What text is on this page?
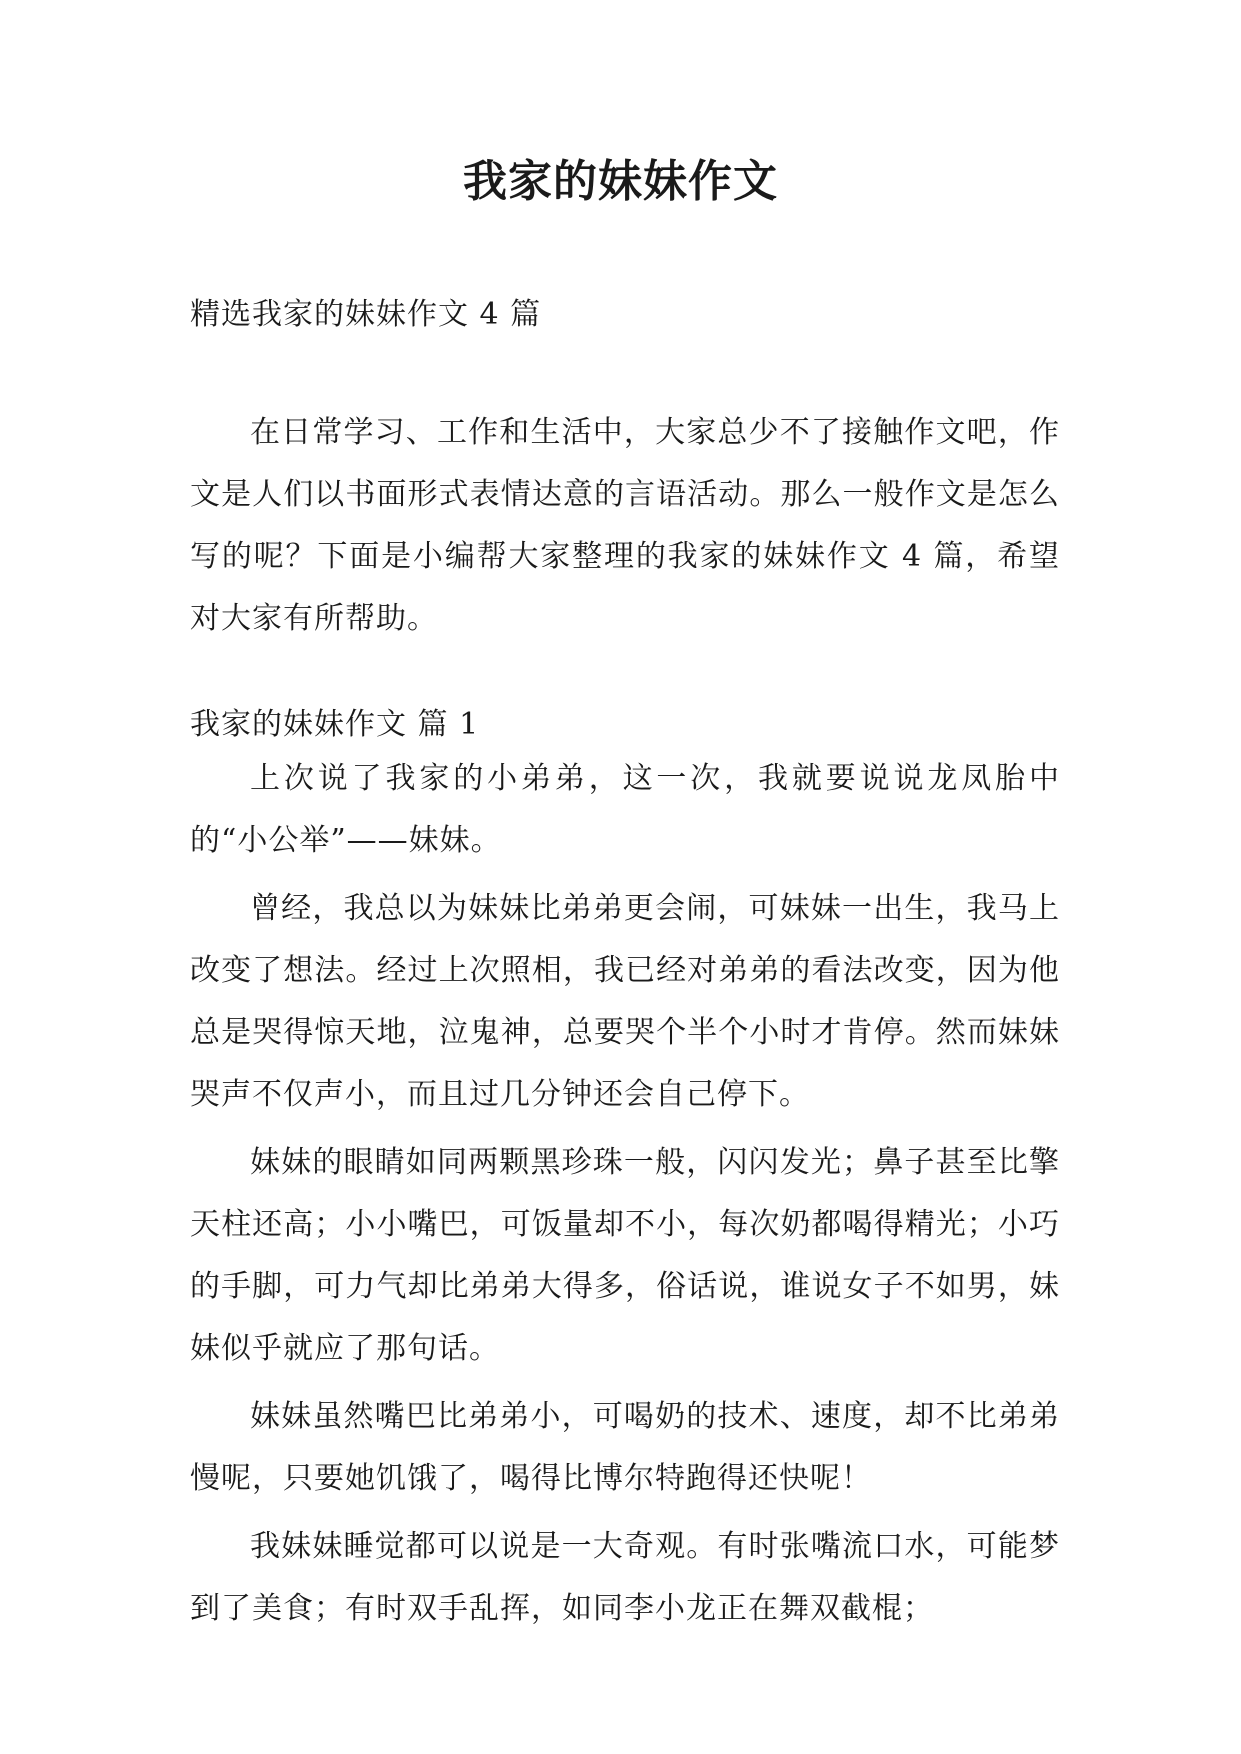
我家的妹妹作文

精选我家的妹妹作文 4 篇

在日常学习、工作和生活中，大家总少不了接触作文吧，作文是人们以书面形式表情达意的言语活动。那么一般作文是怎么写的呢？下面是小编帮大家整理的我家的妹妹作文 4 篇，希望对大家有所帮助。

我家的妹妹作文 篇 1

上次说了我家的小弟弟，这一次，我就要说说龙凤胎中的“小公举”——妹妹。

曾经，我总以为妹妹比弟弟更会闹，可妹妹一出生，我马上改变了想法。经过上次照相，我已经对弟弟的看法改变，因为他总是哭得惊天地，泣鬼神，总要哭个半个小时才肯停。然而妹妹哭声不仅声小，而且过几分钟还会自己停下。

妹妹的眼睛如同两颗黑珍珠一般，闪闪发光；鼻子甚至比擎天柱还高；小小嘴巴，可饭量却不小，每次奶都喝得精光；小巧的手脚，可力气却比弟弟大得多，俗话说，谁说女子不如男，妹妹似乎就应了那句话。

妹妹虽然嘴巴比弟弟小，可喝奶的技术、速度，却不比弟弟慢呢，只要她饥饿了，喝得比博尔特跑得还快呢！

我妹妹睡觉都可以说是一大奇观。有时张嘴流口水，可能梦到了美食；有时双手乱挥，如同李小龙正在舞双截棍；
